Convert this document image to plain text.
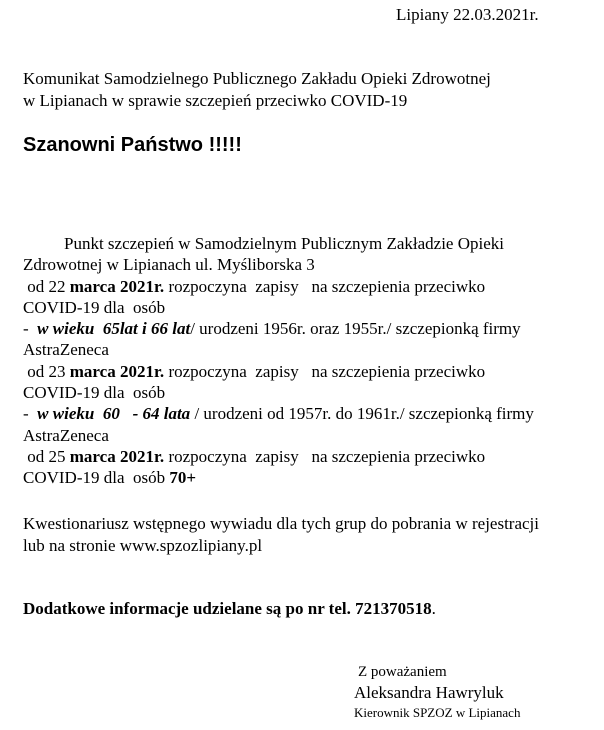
Lipiany 22.03.2021r.
Komunikat Samodzielnego Publicznego Zakładu Opieki Zdrowotnej
w Lipianach w sprawie szczepień przeciwko COVID-19
Szanowni Państwo !!!!!
Punkt szczepień w Samodzielnym Publicznym Zakładzie Opieki
Zdrowotnej w Lipianach ul. Myśliborska 3
od 22 marca 2021r. rozpoczyna  zapisy   na szczepienia przeciwko
COVID-19 dla  osób
-  w wieku  65lat i 66 lat/ urodzeni 1956r. oraz 1955r./ szczepionką firmy
AstraZeneca
od 23 marca 2021r. rozpoczyna  zapisy   na szczepienia przeciwko
COVID-19 dla  osób
-  w wieku  60   - 64 lata / urodzeni od 1957r. do 1961r./ szczepionką firmy
AstraZeneca
od 25 marca 2021r. rozpoczyna  zapisy   na szczepienia przeciwko
COVID-19 dla  osób 70+
Kwestionariusz wstępnego wywiadu dla tych grup do pobrania w rejestracji
lub na stronie www.spzozlipiany.pl
Dodatkowe informacje udzielane są po nr tel. 721370518.
Z poważaniem
Aleksandra Hawryluk
Kierownik SPZOZ w Lipianach
